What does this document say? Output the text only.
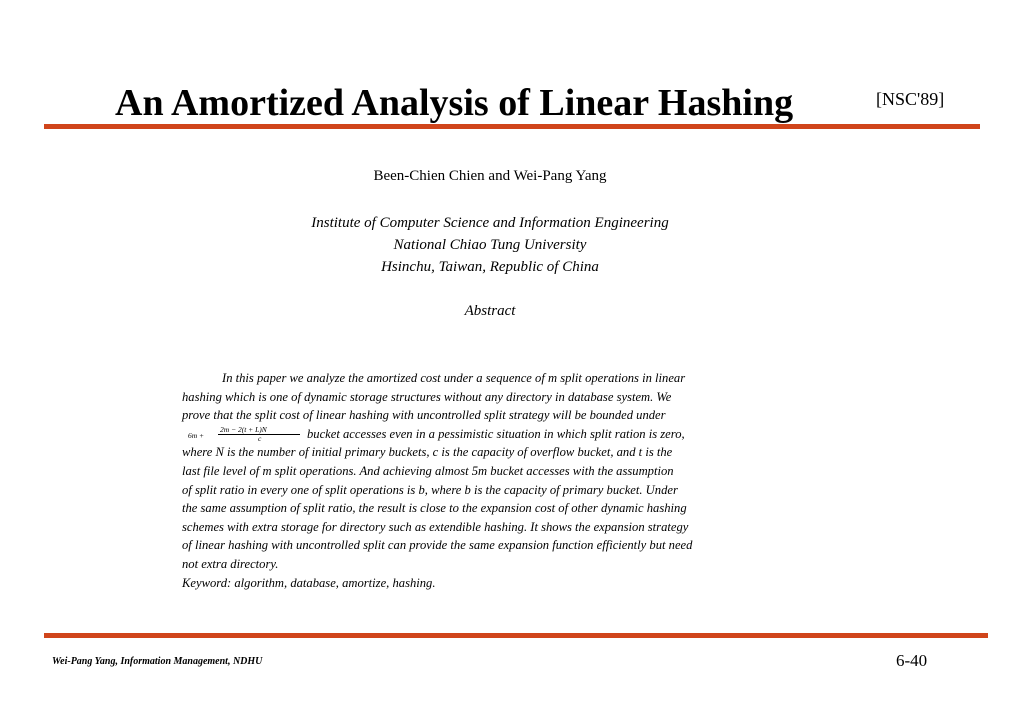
An Amortized Analysis of Linear Hashing	[NSC'89]
Been-Chien Chien and Wei-Pang Yang
Institute of Computer Science and Information Engineering
National Chiao Tung University
Hsinchu, Taiwan, Republic of China
Abstract
In this paper we analyze the amortized cost under a sequence of m split operations in linear
hashing which is one of dynamic storage structures without any directory in database system. We
prove that the split cost of linear hashing with uncontrolled split strategy will be bounded under
6m +
2m − 2(t + L)N
c	bucket accesses even in a pessimistic situation in which split ration is zero,
where N is the number of initial primary buckets, c is the capacity of overflow bucket, and t is the
last file level of m split operations. And achieving almost 5m bucket accesses with the assumption
of split ratio in every one of split operations is b, where b is the capacity of primary bucket. Under
the same assumption of split ratio, the result is close to the expansion cost of other dynamic hashing
schemes with extra storage for directory such as extendible hashing. It shows the expansion strategy
of linear hashing with uncontrolled split can provide the same expansion function efficiently but need
not extra directory.
Keyword: algorithm, database, amortize, hashing.
Wei-Pang Yang, Information Management, NDHU	6-40
